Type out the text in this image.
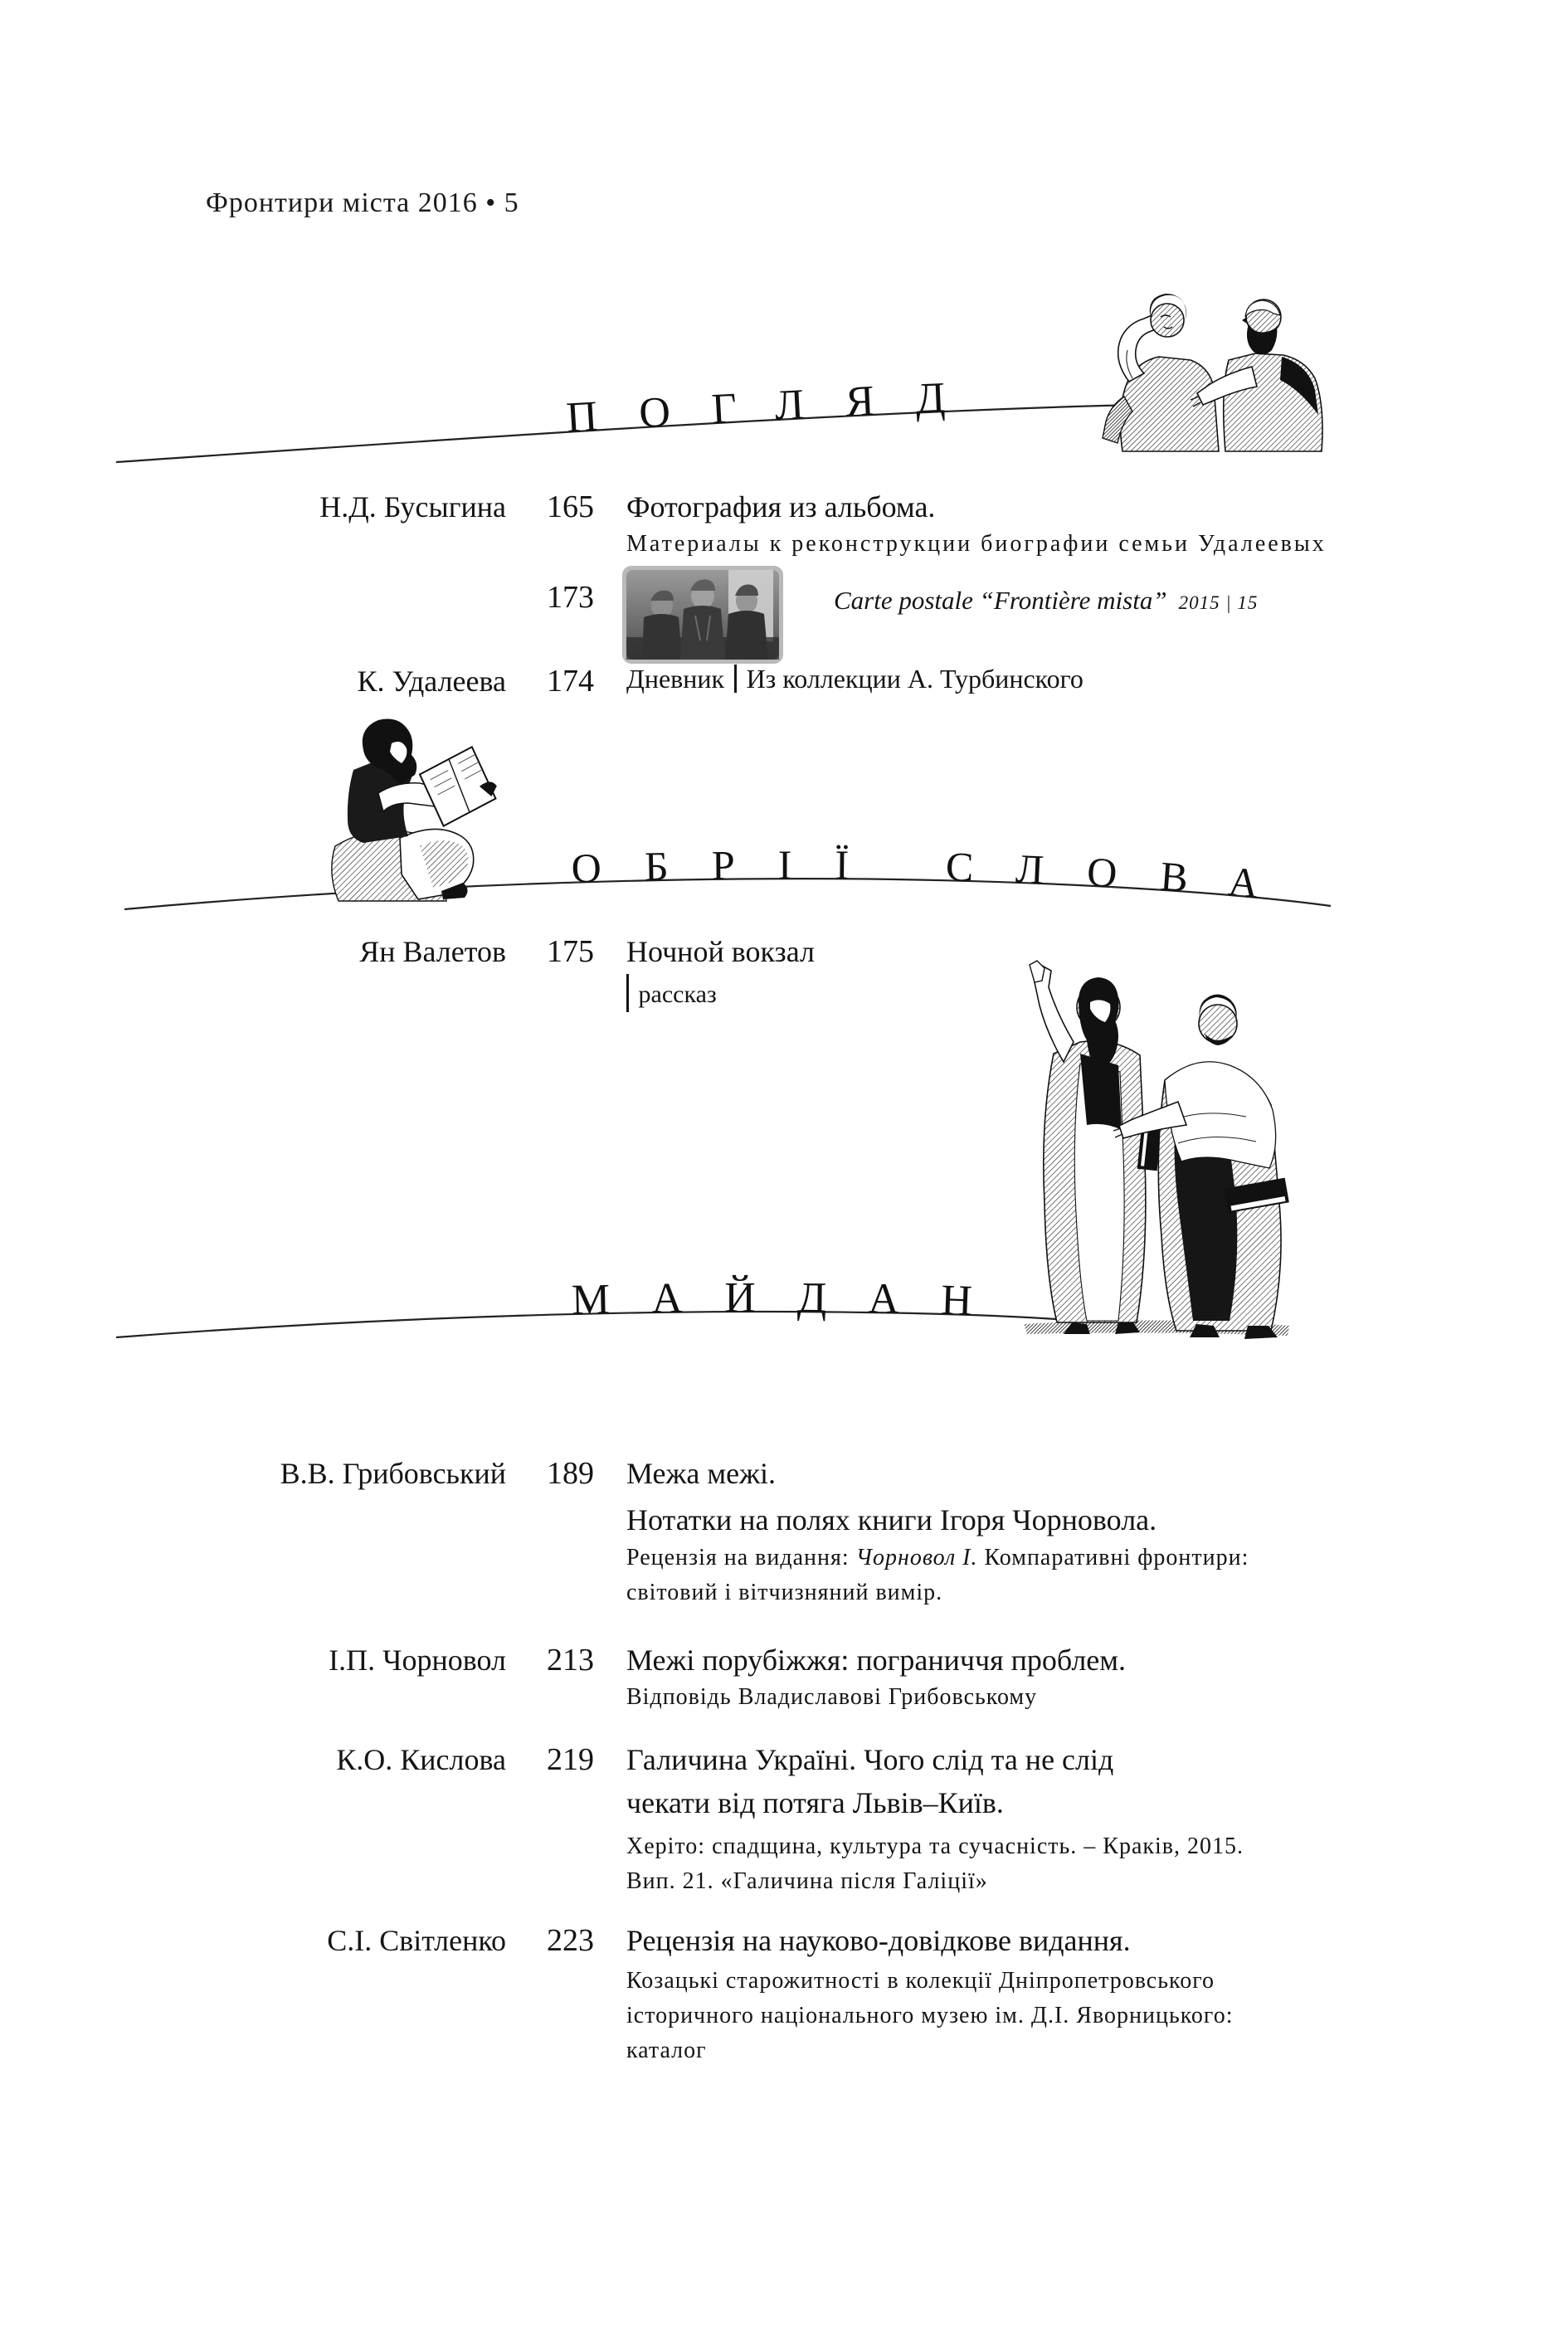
Фронтири міста 2016 • 5
ПОГЛЯД
ОБРІЇ СЛОВА
МАЙДАН
Н.Д. Бусыгина	165 Фотография из альбома.
Материалы к реконструкции биографии семьи Удалеевых
173	Carte postale “Frontière mista” 2015 | 15
К. Удалеева	174 Дневник Из коллекции А. Турбинского
Ян Валетов	175 Ночной вокзал
рассказ
В.В. Грибовський	189 Межа межі.
Нотатки на полях книги Ігоря Чорновола.
Рецензія на видання: Чорновол І. Компаративні фронтири:
світовий і вітчизняний вимір.
І.П. Чорновол	213 Межі порубіжжя: пограниччя проблем.
Відповідь Владиславові Грибовському
К.О. Кислова	219 Галичина Україні. Чого слід та не слід
чекати від потяга Львів–Київ.
Херіто: спадщина, культура та сучасність. – Краків, 2015.
Вип. 21. «Галичина після Галіції»
С.І. Світленко	223 Рецензія на науково-довідкове видання.
Козацькі старожитності в колекції Дніпропетровського
історичного національного музею ім. Д.І. Яворницького:
каталог
